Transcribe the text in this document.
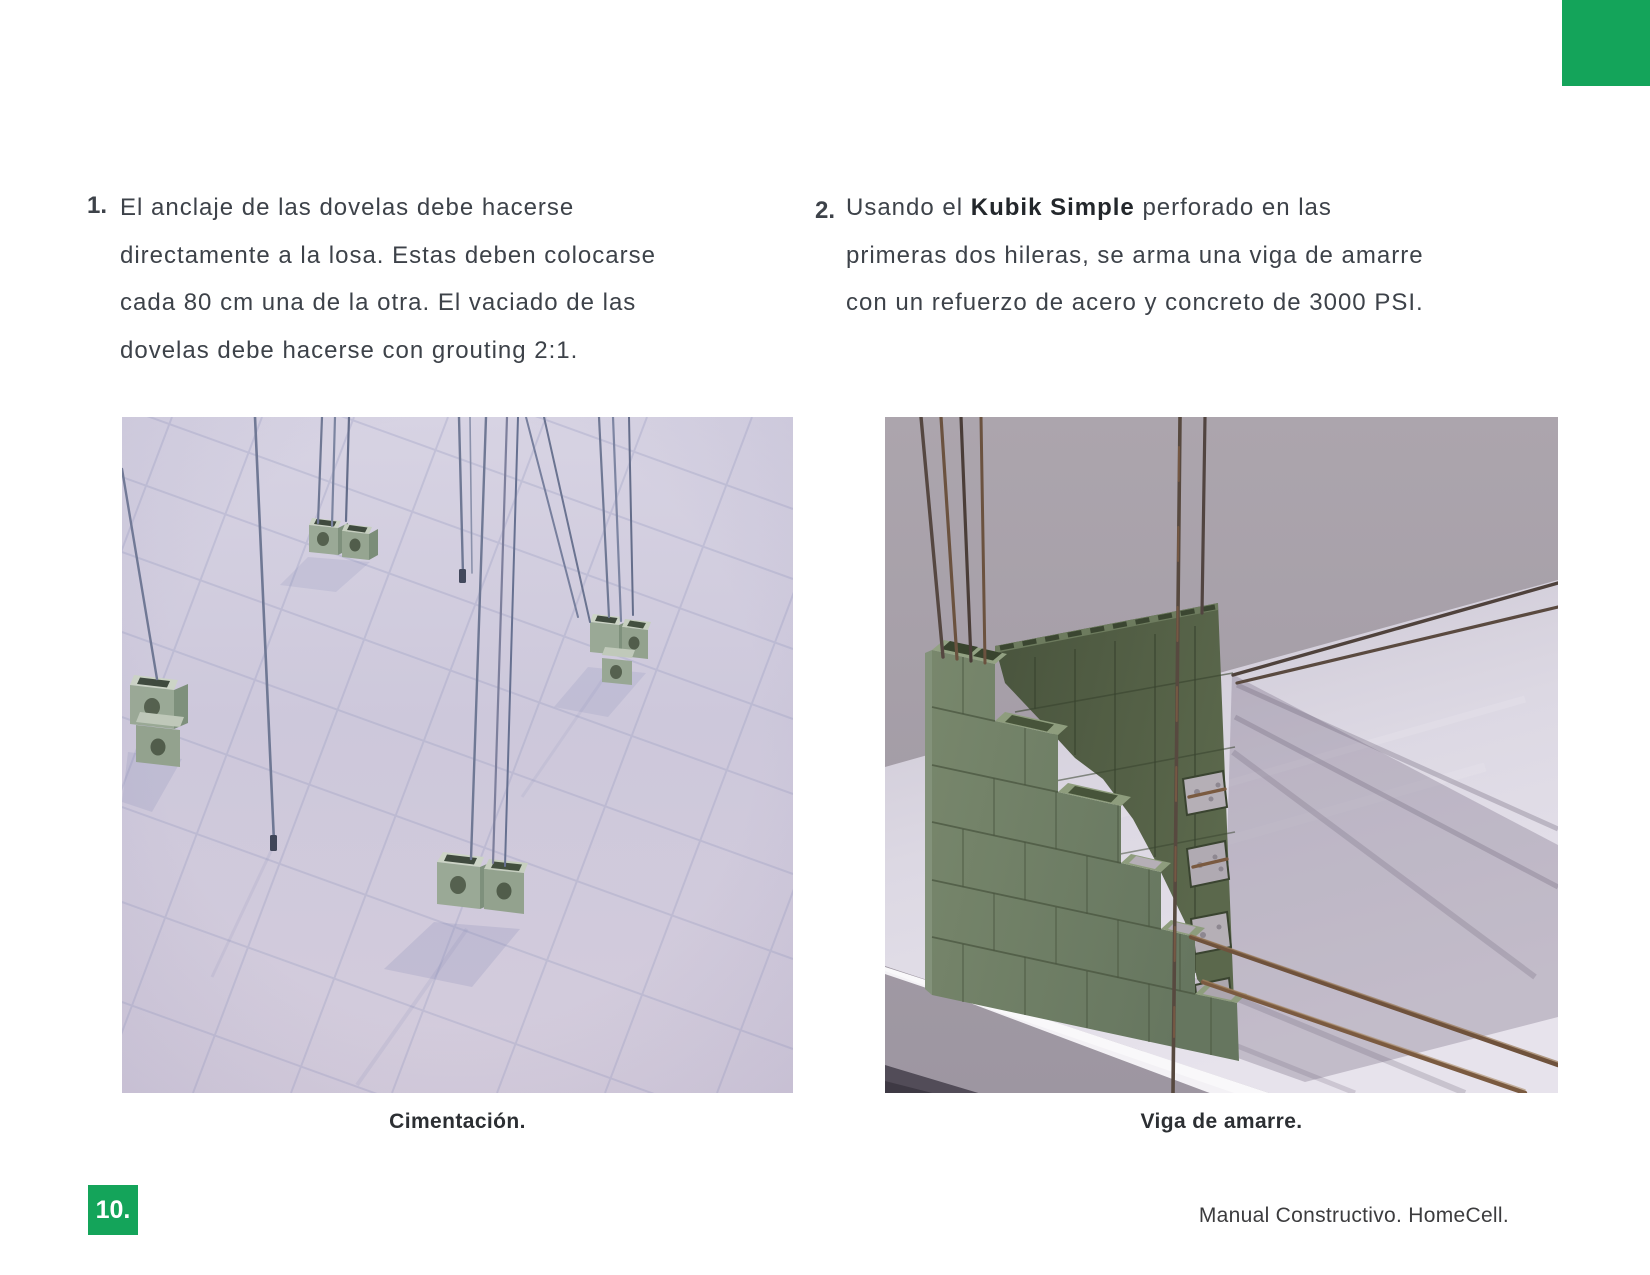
1. El anclaje de las dovelas debe hacerse
directamente a la losa. Estas deben colocarse
cada 80 cm una de la otra. El vaciado de las
dovelas debe hacerse con grouting 2:1.
2. Usando el Kubik Simple perforado en las
primeras dos hileras, se arma una viga de amarre
con un refuerzo de acero y concreto de 3000 PSI.
Cimentación.	Viga de amarre.
10.	Manual Constructivo. HomeCell.
